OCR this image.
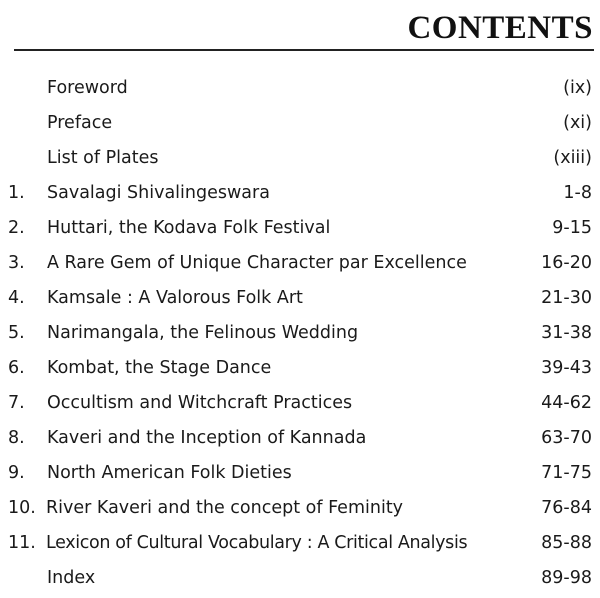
CONTENTS
Foreword	(ix)
Preface	(xi)
List of Plates	(xiii)
1. Savalagi Shivalingeswara	1-8
2. Huttari, the Kodava Folk Festival	9-15
3. A Rare Gem of Unique Character par Excellence	16-20
4. Kamsale : A Valorous Folk Art	21-30
5. Narimangala, the Felinous Wedding	31-38
6. Kombat, the Stage Dance	39-43
7. Occultism and Witchcraft Practices	44-62
8. Kaveri and the Inception of Kannada	63-70
9. North American Folk Dieties	71-75
10. River Kaveri and the concept of Feminity	76-84
11. Lexicon of Cultural Vocabulary : A Critical Analysis	85-88
Index	89-98
